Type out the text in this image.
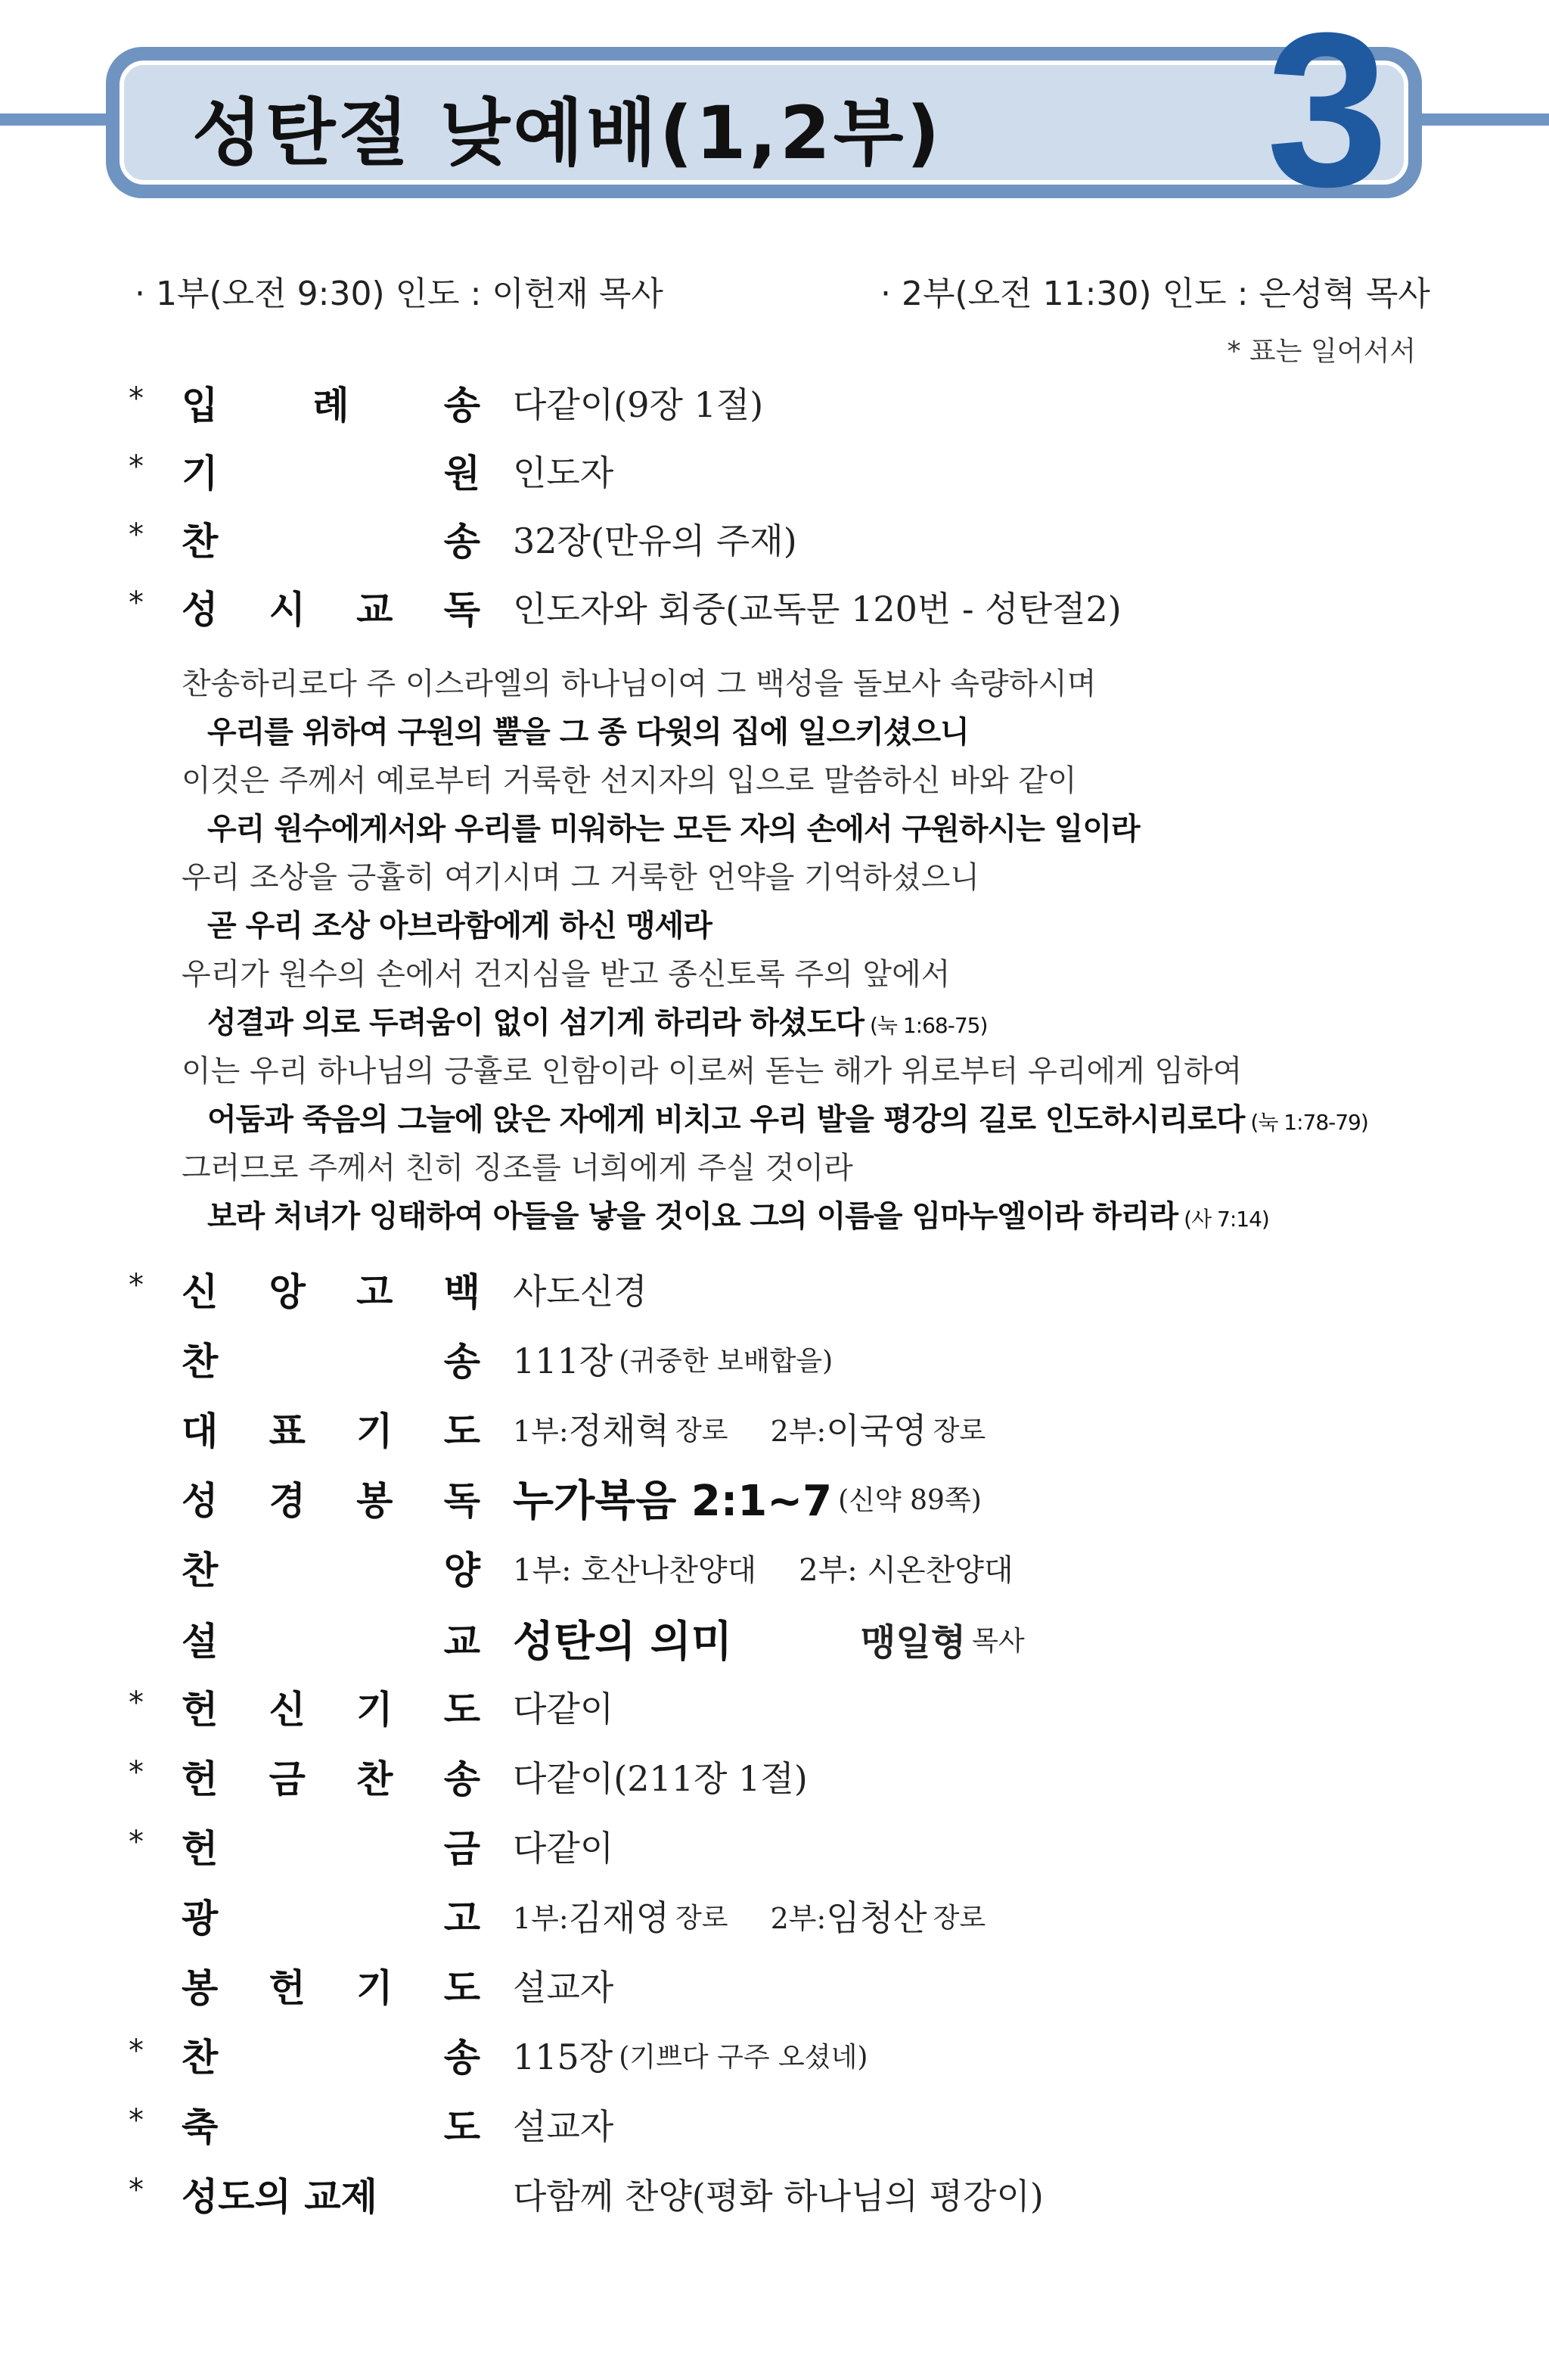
성탄절 낮예배(1,2부) 3
· 1부(오전 9:30) 인도 : 이헌재 목사	· 2부(오전 11:30) 인도 : 은성혁 목사
* 표는 일어서서
* 입	례	송 다같이(9장 1절)
* 기	원 인도자
* 찬	송 32장(만유의 주재)
* 성 시 교 독 인도자와 회중(교독문 120번 - 성탄절2)
찬송하리로다 주 이스라엘의 하나님이여 그 백성을 돌보사 속량하시며
우리를 위하여 구원의 뿔을 그 종 다윗의 집에 일으키셨으니
이것은 주께서 예로부터 거룩한 선지자의 입으로 말씀하신 바와 같이
우리 원수에게서와 우리를 미워하는 모든 자의 손에서 구원하시는 일이라
우리 조상을 긍휼히 여기시며 그 거룩한 언약을 기억하셨으니
곧 우리 조상 아브라함에게 하신 맹세라
우리가 원수의 손에서 건지심을 받고 종신토록 주의 앞에서
성결과 의로 두려움이 없이 섬기게 하리라 하셨도다 (눅 1:68-75)
이는 우리 하나님의 긍휼로 인함이라 이로써 돋는 해가 위로부터 우리에게 임하여
어둠과 죽음의 그늘에 앉은 자에게 비치고 우리 발을 평강의 길로 인도하시리로다 (눅 1:78-79)
그러므로 주께서 친히 징조를 너희에게 주실 것이라
보라 처녀가 잉태하여 아들을 낳을 것이요 그의 이름을 임마누엘이라 하리라 (사 7:14)
* 신 앙 고 백 사도신경
찬	송 111장 (귀중한 보배합을)
대 표 기 도 1부: 정채혁 장로 2부: 이국영 장로
성 경 봉 독 누가복음 2:1~7 (신약 89쪽)
찬	양 1부: 호산나찬양대 2부: 시온찬양대
설	교 성탄의 의미	맹일형 목사
* 헌 신 기 도 다같이
* 헌 금 찬 송 다같이(211장 1절)
* 헌	금 다같이
광	고 1부: 김재영 장로 2부: 임청산 장로
봉 헌 기 도 설교자
* 찬	송 115장 (기쁘다 구주 오셨네)
* 축	도 설교자
* 성도의 교제	다함께 찬양(평화 하나님의 평강이)
